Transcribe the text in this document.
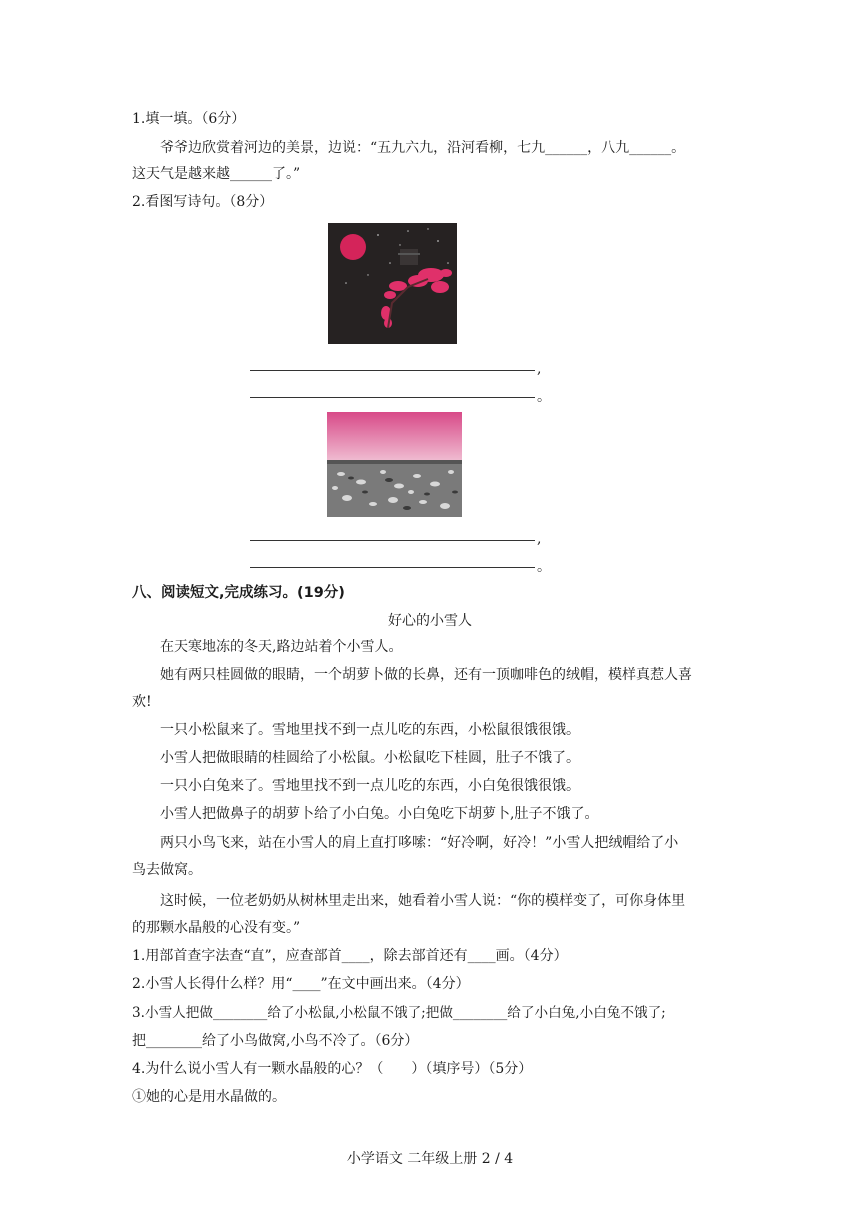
1.填一填。（6分）
爷爷边欣赏着河边的美景，边说：“五九六九，沿河看柳，七九______，八九______。
这天气是越来越______了。”
2.看图写诗句。（8分）
,
。
,
。
八、阅读短文,完成练习。(19分)
好心的小雪人
在天寒地冻的冬天,路边站着个小雪人。
她有两只桂圆做的眼睛，一个胡萝卜做的长鼻，还有一顶咖啡色的绒帽，模样真惹人喜
欢!
一只小松鼠来了。雪地里找不到一点儿吃的东西，小松鼠很饿很饿。
小雪人把做眼睛的桂圆给了小松鼠。小松鼠吃下桂圆，肚子不饿了。
一只小白兔来了。雪地里找不到一点儿吃的东西，小白兔很饿很饿。
小雪人把做鼻子的胡萝卜给了小白兔。小白兔吃下胡萝卜,肚子不饿了。
两只小鸟飞来，站在小雪人的肩上直打哆嗦：“好冷啊，好冷！”小雪人把绒帽给了小
鸟去做窝。
这时候，一位老奶奶从树林里走出来，她看着小雪人说：“你的模样变了，可你身体里
的那颗水晶般的心没有变。”
1.用部首查字法查“直”，应查部首____，除去部首还有____画。（4分）
2.小雪人长得什么样？用“____”在文中画出来。（4分）
3.小雪人把做________给了小松鼠,小松鼠不饿了;把做________给了小白兔,小白兔不饿了;
把________给了小鸟做窝,小鸟不冷了。（6分）
4.为什么说小雪人有一颗水晶般的心？（　　）（填序号）（5分）
①她的心是用水晶做的。
小学语文 二年级上册 2 / 4
